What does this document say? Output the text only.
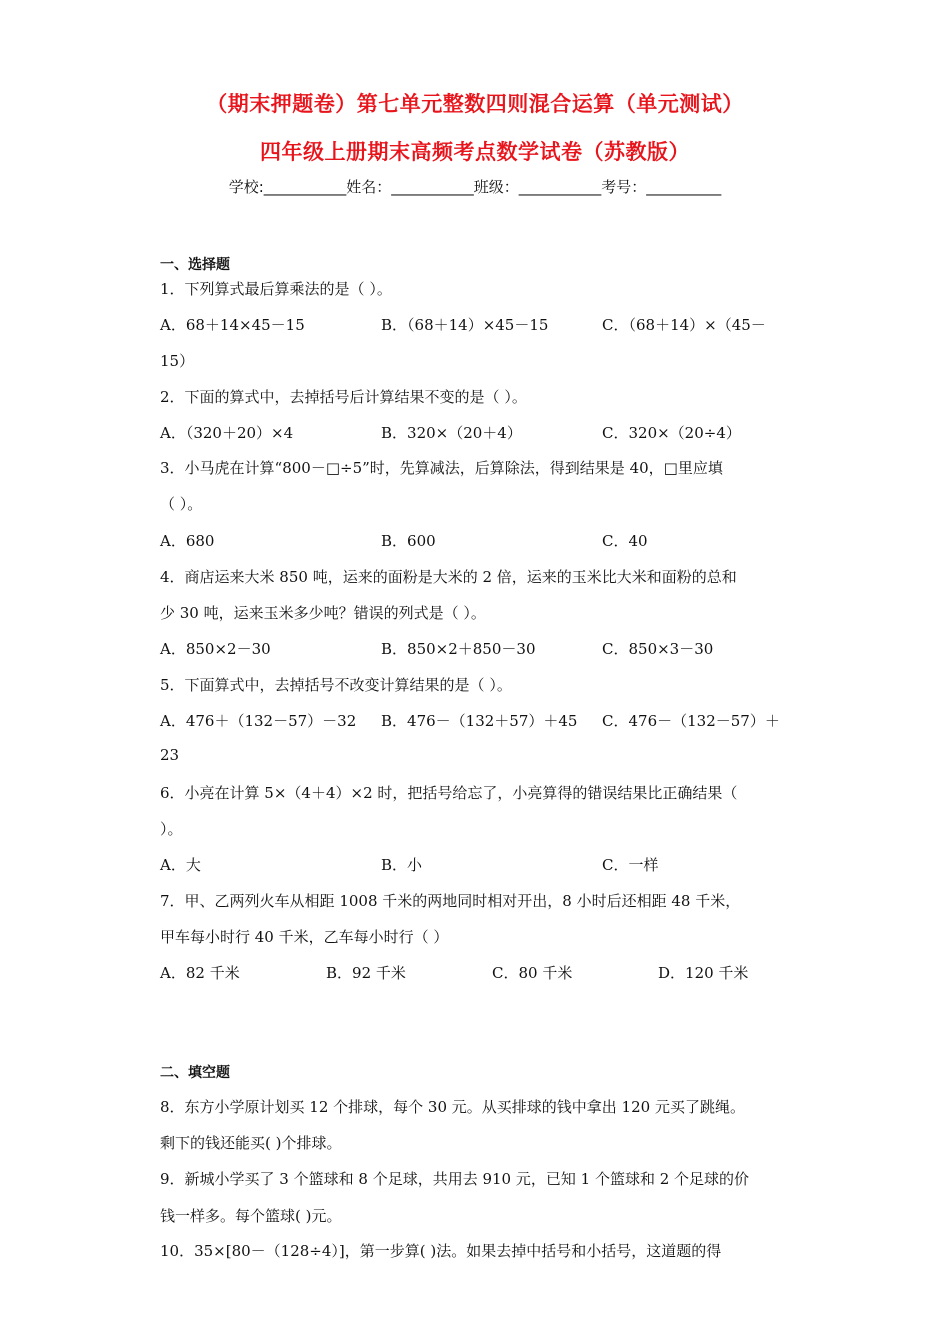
（期末押题卷）第七单元整数四则混合运算（单元测试）
四年级上册期末高频考点数学试卷（苏教版）
学校:___________姓名：___________班级：___________考号：__________
一、选择题
1．下列算式最后算乘法的是（ ）。
A．68＋14×45－15	B．（68＋14）×45－15	C．（68＋14）×（45－
15）
2．下面的算式中，去掉括号后计算结果不变的是（ ）。
A．（320＋20）×4	B．320×（20＋4）	C．320×（20÷4）
3．小马虎在计算“800－□÷5”时，先算减法，后算除法，得到结果是 40，□里应填
（ ）。
A．680	B．600	C．40
4．商店运来大米 850 吨，运来的面粉是大米的 2 倍，运来的玉米比大米和面粉的总和
少 30 吨，运来玉米多少吨？错误的列式是（ ）。
A．850×2－30	B．850×2＋850－30	C．850×3－30
5．下面算式中，去掉括号不改变计算结果的是（ ）。
A．476＋（132－57）－32 B．476－（132＋57）＋45 C．476－（132－57）＋
23
6．小亮在计算 5×（4＋4）×2 时，把括号给忘了，小亮算得的错误结果比正确结果（
）。
A．大	B．小	C．一样
7．甲、乙两列火车从相距 1008 千米的两地同时相对开出，8 小时后还相距 48 千米，
甲车每小时行 40 千米，乙车每小时行（ ）
A．82 千米	B．92 千米	C．80 千米	D．120 千米
二、填空题
8．东方小学原计划买 12 个排球，每个 30 元。从买排球的钱中拿出 120 元买了跳绳。
剩下的钱还能买( )个排球。
9．新城小学买了 3 个篮球和 8 个足球，共用去 910 元，已知 1 个篮球和 2 个足球的价
钱一样多。每个篮球( )元。
10．35×[80－（128÷4）]，第一步算( )法。如果去掉中括号和小括号，这道题的得
